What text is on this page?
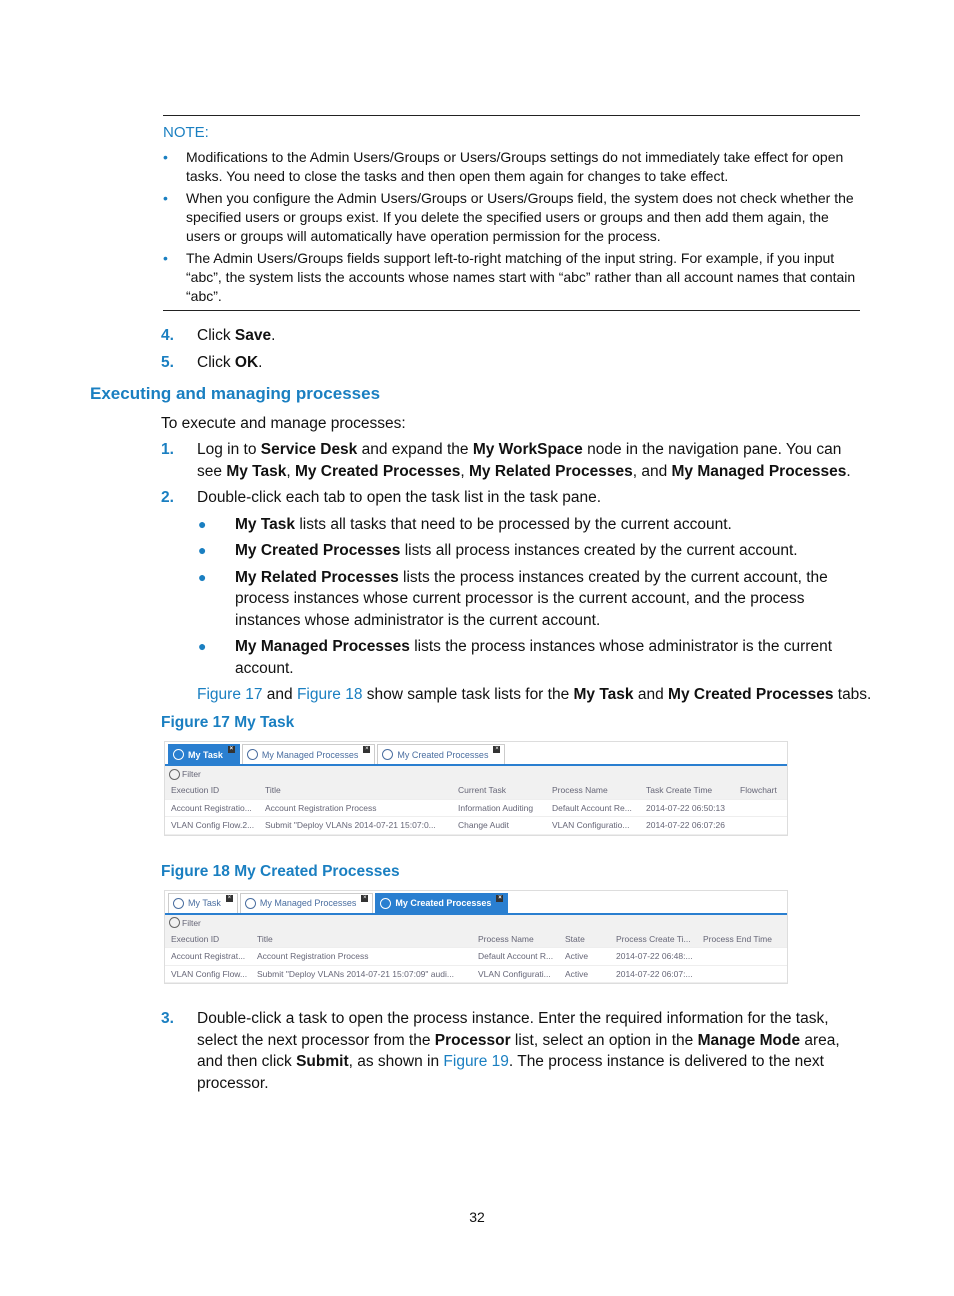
NOTE:
• Modifications to the Admin Users/Groups or Users/Groups settings do not immediately take effect for open tasks. You need to close the tasks and then open them again for changes to take effect.
• When you configure the Admin Users/Groups or Users/Groups field, the system does not check whether the specified users or groups exist. If you delete the specified users or groups and then add them again, the users or groups will automatically have operation permission for the process.
• The Admin Users/Groups fields support left-to-right matching of the input string. For example, if you input “abc”, the system lists the accounts whose names start with “abc” rather than all account names that contain “abc”.
4. Click Save.
5. Click OK.
Executing and managing processes
To execute and manage processes:
1. Log in to Service Desk and expand the My WorkSpace node in the navigation pane. You can see My Task, My Created Processes, My Related Processes, and My Managed Processes.
2. Double-click each tab to open the task list in the task pane.
● My Task lists all tasks that need to be processed by the current account.
● My Created Processes lists all process instances created by the current account.
● My Related Processes lists the process instances created by the current account, the process instances whose current processor is the current account, and the process instances whose administrator is the current account.
● My Managed Processes lists the process instances whose administrator is the current account.
Figure 17 and Figure 18 show sample task lists for the My Task and My Created Processes tabs.
Figure 17 My Task
My Task
×
My Managed Processes
×
My Created Processes
×
Filter
Execution ID	Title	Current Task	Process Name	Task Create Time	Flowchart
Account Registratio...	Account Registration Process	Information Auditing	Default Account Re...	2014-07-22 06:50:13
VLAN Config Flow.2...	Submit "Deploy VLANs 2014-07-21 15:07:0...	Change Audit	VLAN Configuratio...	2014-07-22 06:07:26
Figure 18 My Created Processes
My Task
×
My Managed Processes
×
My Created Processes
×
Filter
Execution ID	Title	Process Name	State	Process Create Ti...	Process End Time
Account Registrat...	Account Registration Process	Default Account R...	Active	2014-07-22 06:48:...
VLAN Config Flow...	Submit "Deploy VLANs 2014-07-21 15:07:09" audi...	VLAN Configurati...	Active	2014-07-22 06:07:...
3. Double-click a task to open the process instance. Enter the required information for the task, select the next processor from the Processor list, select an option in the Manage Mode area, and then click Submit, as shown in Figure 19. The process instance is delivered to the next processor.
32
